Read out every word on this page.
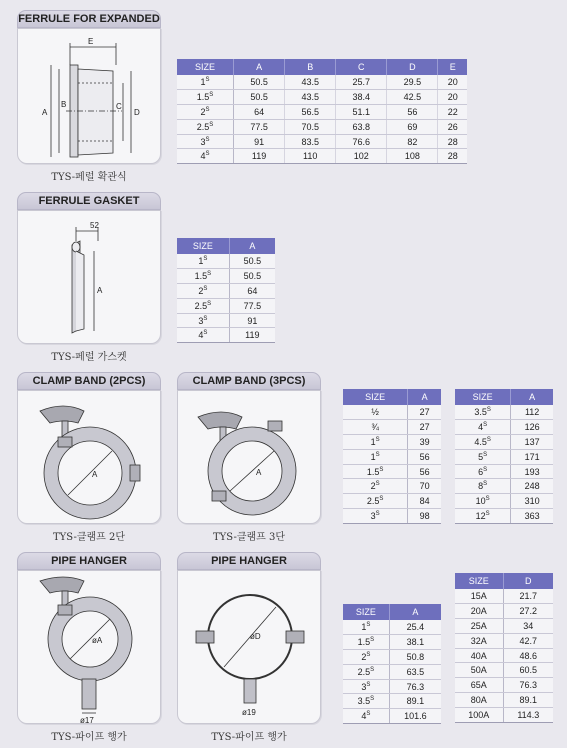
FERRULE FOR EXPANDED
E
A
B	C
D
TYS-페럴 확관식
SIZE	A	B	C	D	E
$1^S$	50.5	43.5	25.7	29.5	20
$1.5^S$	50.5	43.5	38.4	42.5	20
$2^S$	64	56.5	51.1	56	22
$2.5^S$	77.5	70.5	63.8	69	26
$3^S$	91	83.5	76.6	82	28
$4^S$	119	110	102	108	28
FERRULE GASKET
52
A
TYS-페럴 가스켓
SIZE	A
$1^S$	50.5
$1.5^S$	50.5
$2^S$	64
$2.5^S$	77.5
$3^S$	91
$4^S$	119
CLAMP BAND (2PCS)
A
TYS-클램프 2단
CLAMP BAND (3PCS)
A
TYS-클램프 3단
SIZE	A
½	27
¾	27
$1^S$	39
$1^S$	56
$1.5^S$	56
$2^S$	70
$2.5^S$	84
$3^S$	98
SIZE	A
$3.5^S$	112
$4^S$	126
$4.5^S$	137
$5^S$	171
$6^S$	193
$8^S$	248
$10^S$	310
$12^S$	363
PIPE HANGER
øA
ø17
TYS-파이프 행가
PIPE HANGER
øD
ø19
TYS-파이프 행가
SIZE	A
$1^S$	25.4
$1.5^S$	38.1
$2^S$	50.8
$2.5^S$	63.5
$3^S$	76.3
$3.5^S$	89.1
$4^S$	101.6
SIZE	D
15A	21.7
20A	27.2
25A	34
32A	42.7
40A	48.6
50A	60.5
65A	76.3
80A	89.1
100A	114.3
